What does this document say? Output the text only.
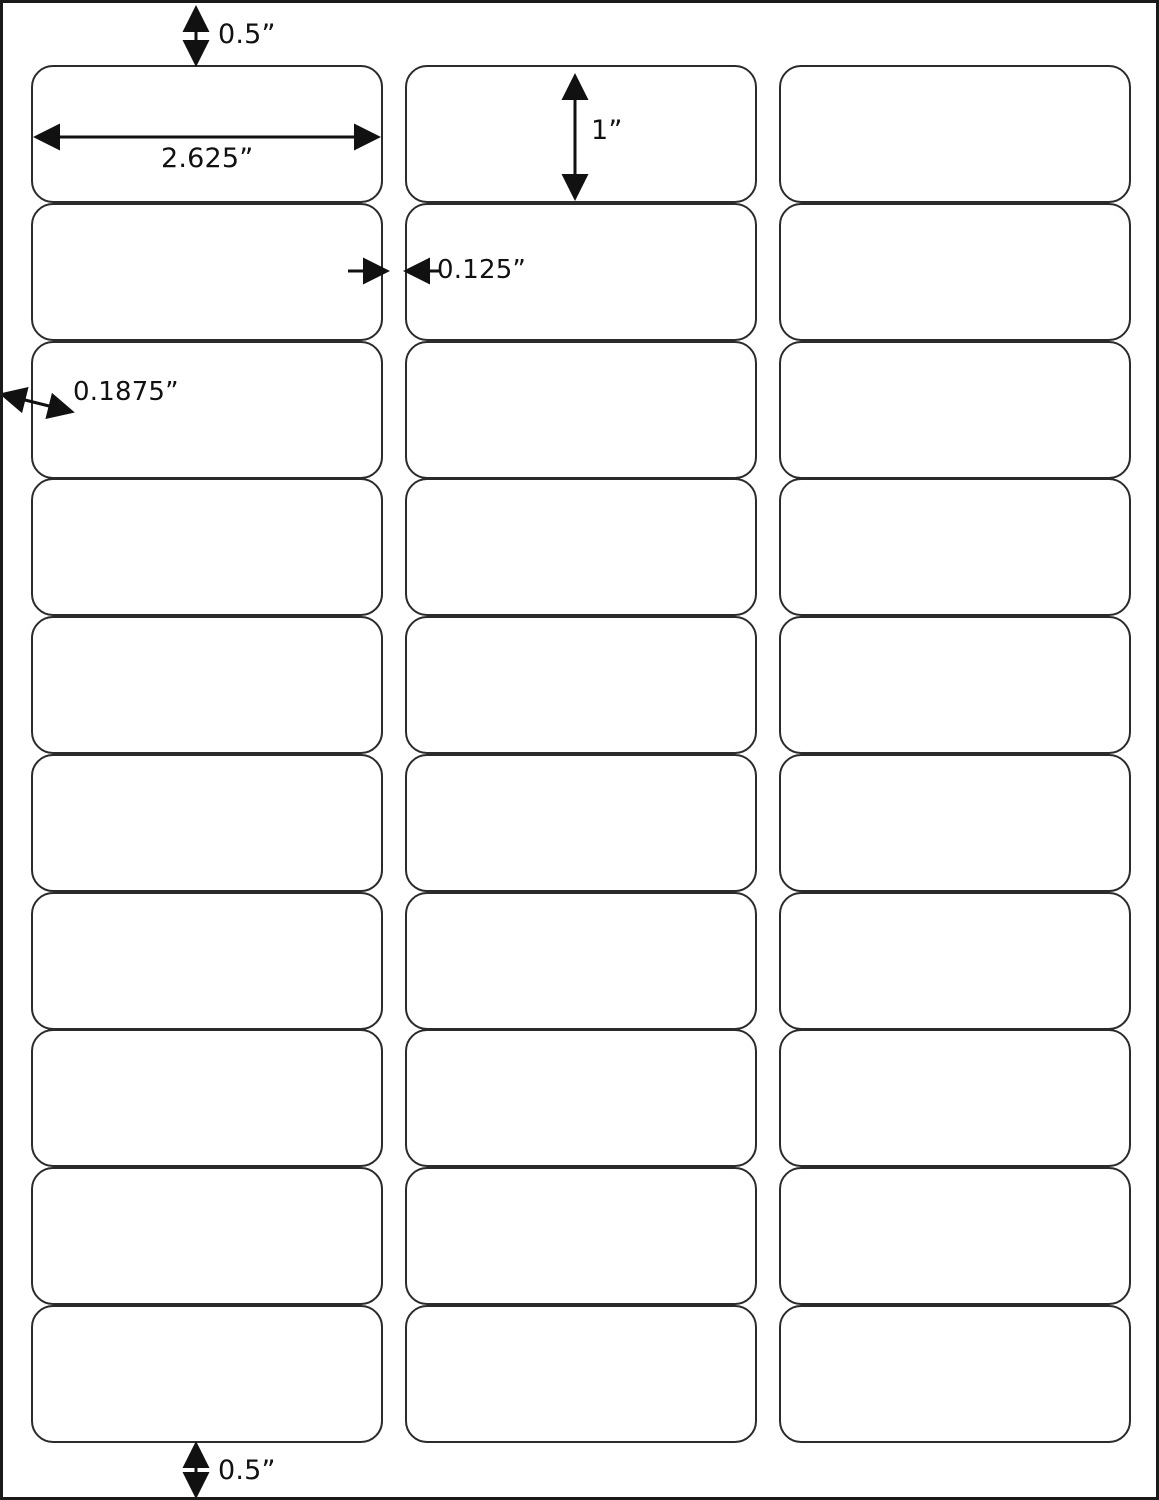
0.5”
2.625”
1”
0.125”
0.1875”
0.5”
